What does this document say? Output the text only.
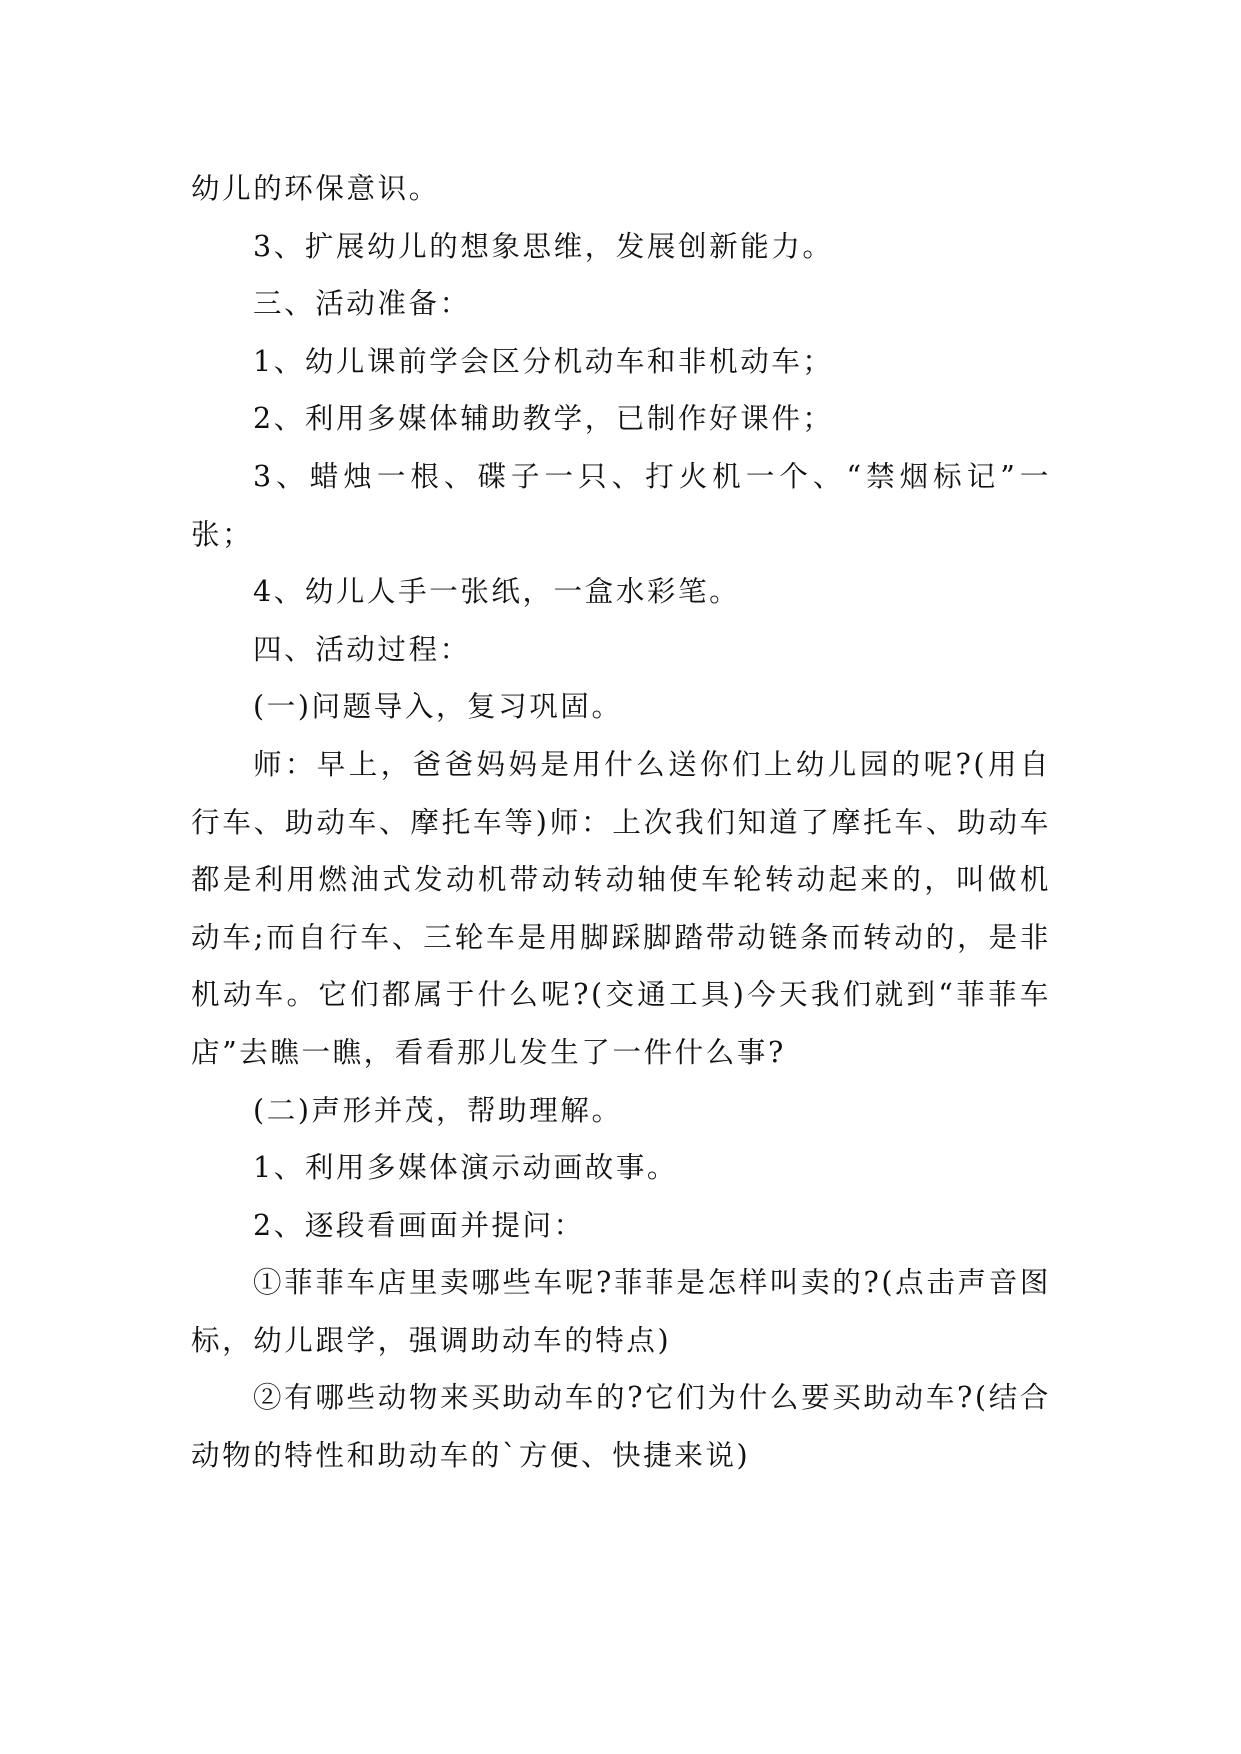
幼儿的环保意识。

3、扩展幼儿的想象思维，发展创新能力。

三、活动准备：

1、幼儿课前学会区分机动车和非机动车；

2、利用多媒体辅助教学，已制作好课件；

3、蜡烛一根、碟子一只、打火机一个、“禁烟标记”一张；

4、幼儿人手一张纸，一盒水彩笔。

四、活动过程：

(一)问题导入，复习巩固。

师：早上，爸爸妈妈是用什么送你们上幼儿园的呢?(用自行车、助动车、摩托车等)师：上次我们知道了摩托车、助动车都是利用燃油式发动机带动转动轴使车轮转动起来的，叫做机动车;而自行车、三轮车是用脚踩脚踏带动链条而转动的，是非机动车。它们都属于什么呢?(交通工具)今天我们就到“菲菲车店”去瞧一瞧，看看那儿发生了一件什么事?

(二)声形并茂，帮助理解。

1、利用多媒体演示动画故事。

2、逐段看画面并提问：

①菲菲车店里卖哪些车呢?菲菲是怎样叫卖的?(点击声音图标，幼儿跟学，强调助动车的特点)

②有哪些动物来买助动车的?它们为什么要买助动车?(结合动物的特性和助动车的`方便、快捷来说)
